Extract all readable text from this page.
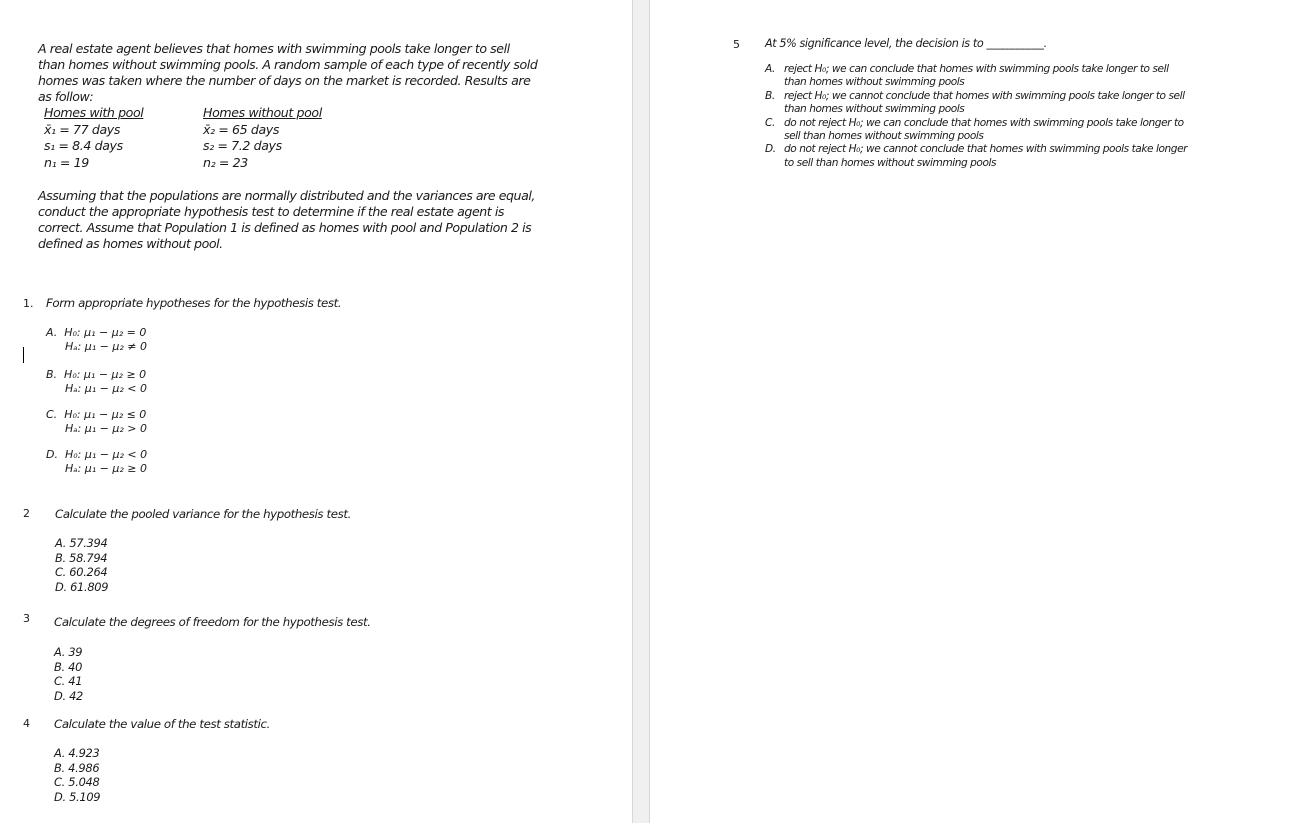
A real estate agent believes that homes with swimming pools take longer to sell than homes without swimming pools. A random sample of each type of recently sold homes was taken where the number of days on the market is recorded. Results are as follow:
Homes with pool
x̄₁ = 77 days
s₁ = 8.4 days
n₁ = 19
Homes without pool
x̄₂ = 65 days
s₂ = 7.2 days
n₂ = 23
Assuming that the populations are normally distributed and the variances are equal, conduct the appropriate hypothesis test to determine if the real estate agent is correct. Assume that Population 1 is defined as homes with pool and Population 2 is defined as homes without pool.
1. Form appropriate hypotheses for the hypothesis test.
A. H₀: μ₁ − μ₂ = 0
Hₐ: μ₁ − μ₂ ≠ 0
B. H₀: μ₁ − μ₂ ≥ 0
Hₐ: μ₁ − μ₂ < 0
C. H₀: μ₁ − μ₂ ≤ 0
Hₐ: μ₁ − μ₂ > 0
D. H₀: μ₁ − μ₂ < 0
Hₐ: μ₁ − μ₂ ≥ 0
2 Calculate the pooled variance for the hypothesis test.
A. 57.394
B. 58.794
C. 60.264
D. 61.809
3 Calculate the degrees of freedom for the hypothesis test.
A. 39
B. 40
C. 41
D. 42
4 Calculate the value of the test statistic.
A. 4.923
B. 4.986
C. 5.048
D. 5.109
5 At 5% significance level, the decision is to ___________.
A. reject H₀; we can conclude that homes with swimming pools take longer to sell
than homes without swimming pools
B. reject H₀; we cannot conclude that homes with swimming pools take longer to sell
than homes without swimming pools
C. do not reject H₀; we can conclude that homes with swimming pools take longer to
sell than homes without swimming pools
D. do not reject H₀; we cannot conclude that homes with swimming pools take longer
to sell than homes without swimming pools
